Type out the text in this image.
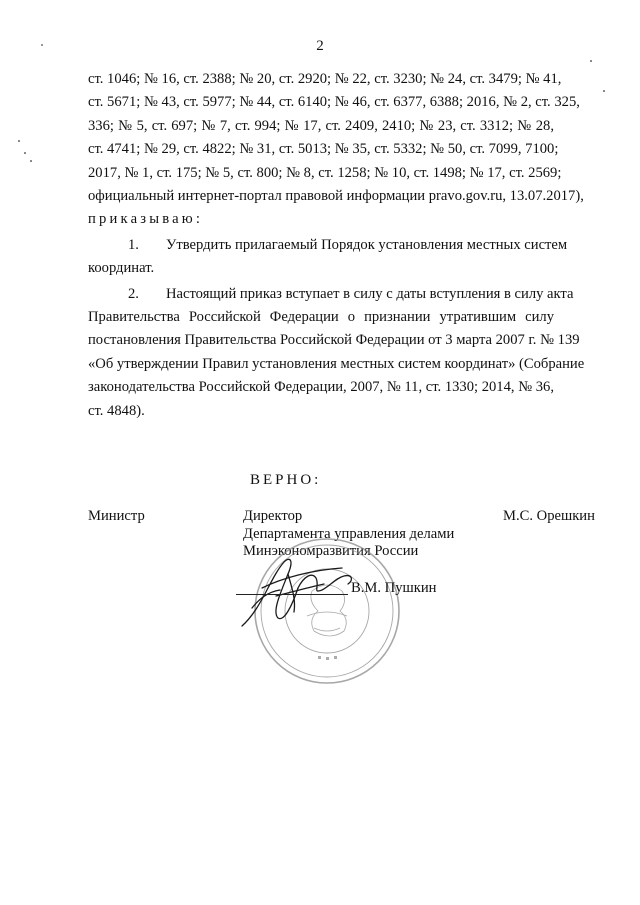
2
ст. 1046; № 16, ст. 2388; № 20, ст. 2920; № 22, ст. 3230; № 24, ст. 3479; № 41,
ст. 5671; № 43, ст. 5977; № 44, ст. 6140; № 46, ст. 6377, 6388; 2016, № 2, ст. 325,
336; № 5, ст. 697; № 7, ст. 994; № 17, ст. 2409, 2410; № 23, ст. 3312; № 28,
ст. 4741; № 29, ст. 4822; № 31, ст. 5013; № 35, ст. 5332; № 50, ст. 7099, 7100;
2017, № 1, ст. 175; № 5, ст. 800; № 8, ст. 1258; № 10, ст. 1498; № 17, ст. 2569;
официальный интернет-портал правовой информации pravo.gov.ru, 13.07.2017),
приказываю:
1. Утвердить прилагаемый Порядок установления местных систем
координат.
2. Настоящий приказ вступает в силу с даты вступления в силу акта
Правительства Российской Федерации о признании утратившим силу
постановления Правительства Российской Федерации от 3 марта 2007 г. № 139
«Об утверждении Правил установления местных систем координат» (Собрание
законодательства Российской Федерации, 2007, № 11, ст. 1330; 2014, № 36,
ст. 4848).
ВЕРНО:
Министр	М.С. Орешкин
Директор
Департамента управления делами
Минэкономразвития России
В.М. Пушкин
